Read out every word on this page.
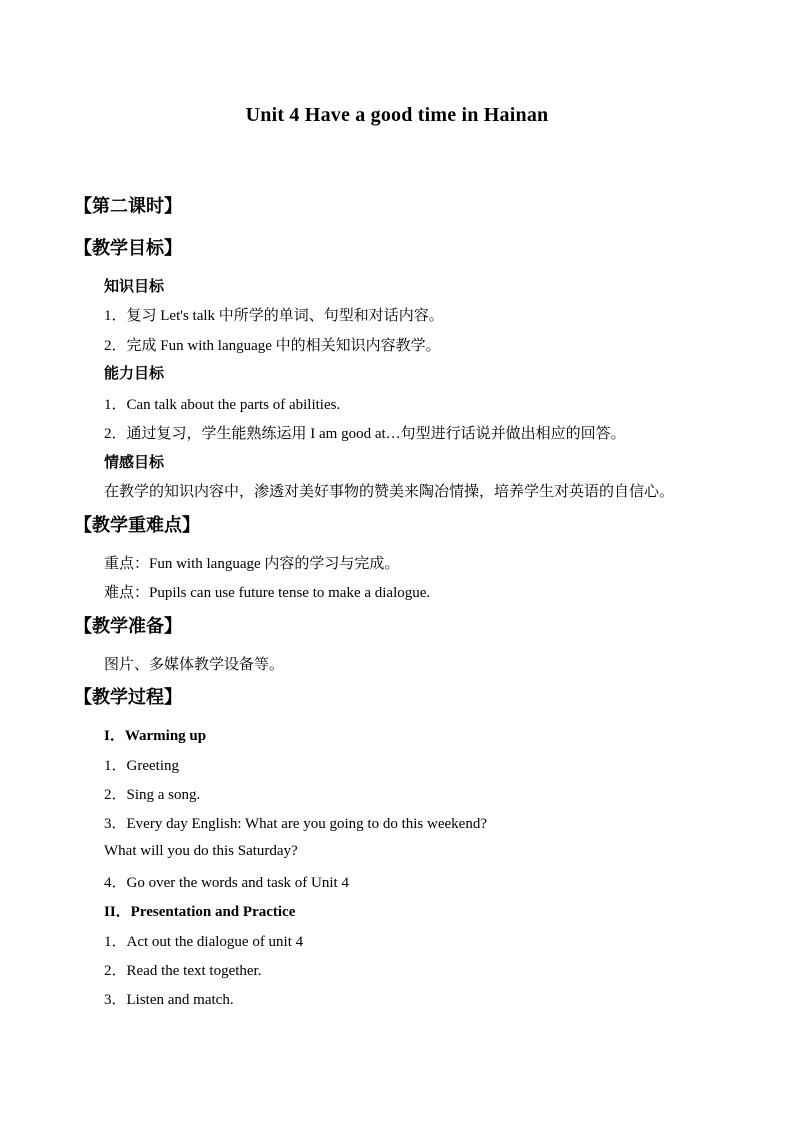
Unit 4 Have a good time in Hainan
【第二课时】
【教学目标】
知识目标
1．复习 Let's talk 中所学的单词、句型和对话内容。
2．完成 Fun with language 中的相关知识内容教学。
能力目标
1．Can talk about the parts of abilities.
2．通过复习，学生能熟练运用 I am good at…句型进行话说并做出相应的回答。
情感目标
在教学的知识内容中，渗透对美好事物的赞美来陶冶情操，培养学生对英语的自信心。
【教学重难点】
重点：Fun with language 内容的学习与完成。
难点：Pupils can use future tense to make a dialogue.
【教学准备】
图片、多媒体教学设备等。
【教学过程】
I．Warming up
1．Greeting
2．Sing a song.
3．Every day English: What are you going to do this weekend?
What will you do this Saturday?
4．Go over the words and task of Unit 4
II．Presentation and Practice
1．Act out the dialogue of unit 4
2．Read the text together.
3．Listen and match.
